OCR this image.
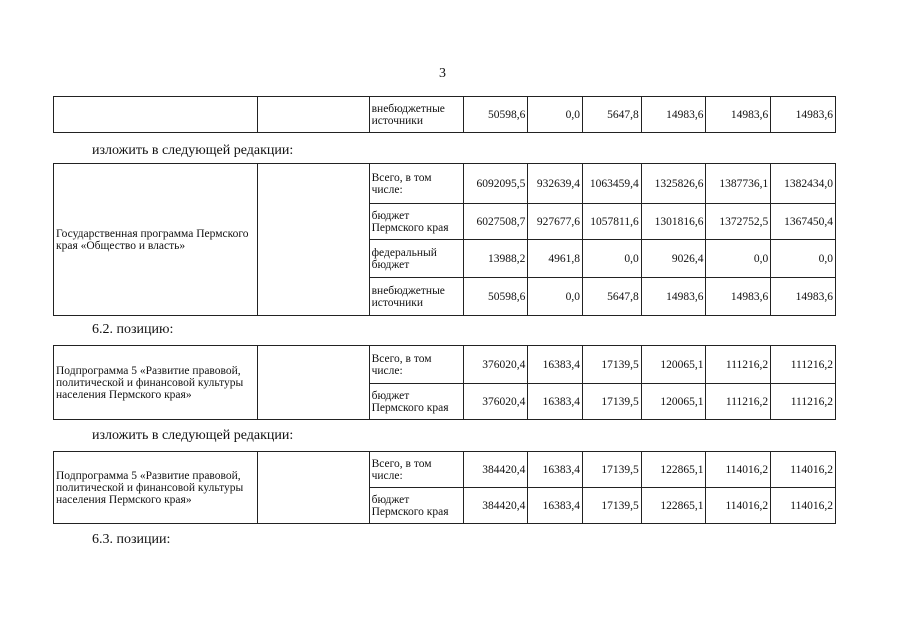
3
		внебюджетные источники	50598,6	0,0	5647,8	14983,6	14983,6	14983,6
изложить в следующей редакции:
Государственная программа Пермского края «Общество и власть»		Всего, в том числе:	6092095,5	932639,4	1063459,4	1325826,6	1387736,1	1382434,0
		бюджет Пермского края	6027508,7	927677,6	1057811,6	1301816,6	1372752,5	1367450,4
		федеральный бюджет	13988,2	4961,8	0,0	9026,4	0,0	0,0
		внебюджетные источники	50598,6	0,0	5647,8	14983,6	14983,6	14983,6
6.2. позицию:
Подпрограмма 5 «Развитие правовой, политической и финансовой культуры населения Пермского края»		Всего, в том числе:	376020,4	16383,4	17139,5	120065,1	111216,2	111216,2
		бюджет Пермского края	376020,4	16383,4	17139,5	120065,1	111216,2	111216,2
изложить в следующей редакции:
Подпрограмма 5 «Развитие правовой, политической и финансовой культуры населения Пермского края»		Всего, в том числе:	384420,4	16383,4	17139,5	122865,1	114016,2	114016,2
		бюджет Пермского края	384420,4	16383,4	17139,5	122865,1	114016,2	114016,2
6.3. позиции:
